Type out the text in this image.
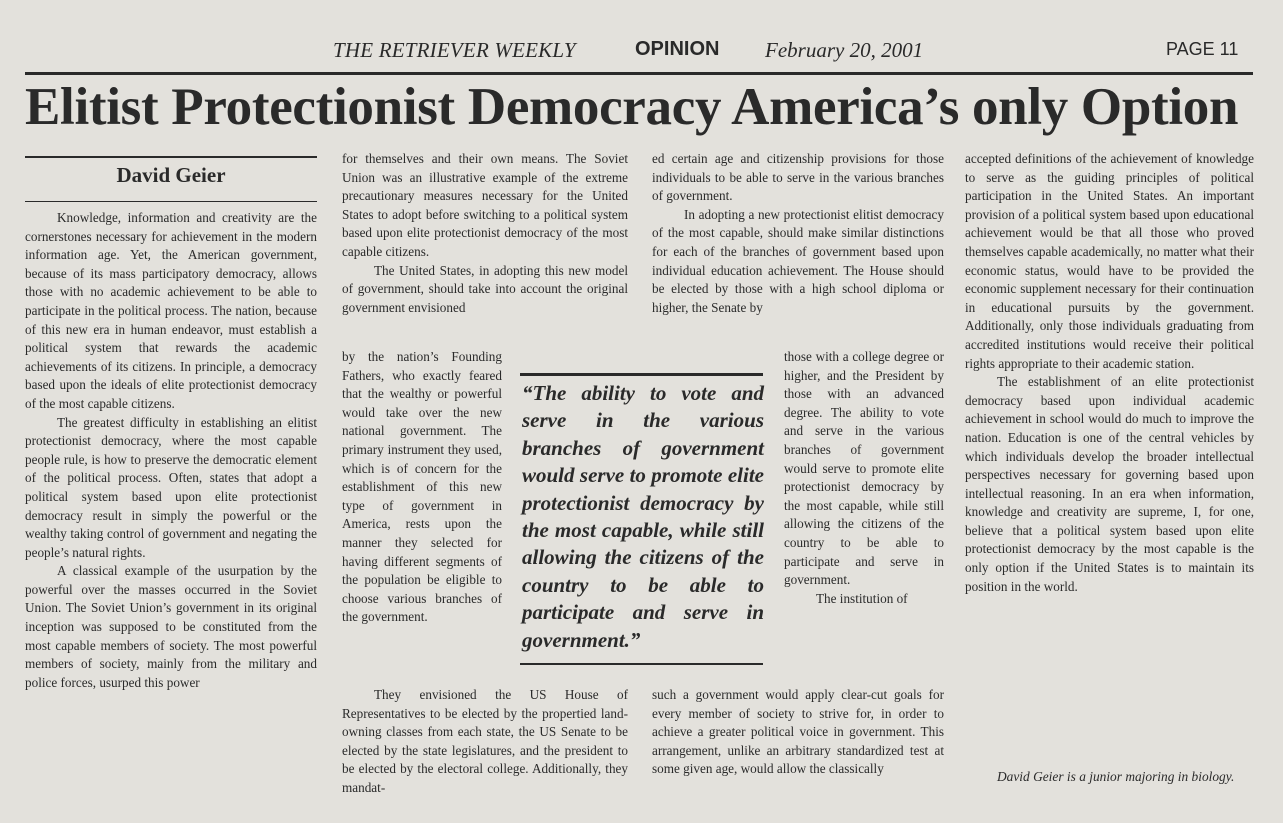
THE RETRIEVER WEEKLY	OPINION February 20, 2001	PAGE 11
Elitist Protectionist Democracy America’s only Option
David Geier

Knowledge, information and creativity are the cornerstones necessary for achievement in the modern information age. Yet, the American government, because of its mass participatory democracy, allows those with no academic achievement to be able to participate in the political process. The nation, because of this new era in human endeavor, must establish a political system that rewards the academic achievements of its citizens. In principle, a democracy based upon the ideals of elite protectionist democracy of the most capable citizens.

The greatest difficulty in establishing an elitist protectionist democracy, where the most capable people rule, is how to preserve the democratic element of the political process. Often, states that adopt a political system based upon elite protectionist democracy result in simply the powerful or the wealthy taking control of government and negating the people’s natural rights.

A classical example of the usurpation by the powerful over the masses occurred in the Soviet Union. The Soviet Union’s government in its original inception was supposed to be constituted from the most capable members of society. The most powerful members of society, mainly from the military and police forces, usurped this power

for themselves and their own means. The Soviet Union was an illustrative example of the extreme precautionary measures necessary for the United States to adopt before switching to a political system based upon elite protectionist democracy of the most capable citizens.

The United States, in adopting this new model of government, should take into account the original government envisioned

by the nation’s Founding Fathers, who exactly feared that the wealthy or powerful would take over the new national government. The primary instrument they used, which is of concern for the establishment of this new type of government in America, rests upon the manner they selected for having different segments of the population be eligible to choose various branches of the government.

They envisioned the US House of Representatives to be elected by the propertied land-owning classes from each state, the US Senate to be elected by the state legislatures, and the president to be elected by the electoral college. Additionally, they mandat-

ed certain age and citizenship provisions for those individuals to be able to serve in the various branches of government.

In adopting a new protectionist elitist democracy of the most capable, should make similar distinctions for each of the branches of government based upon individual education achievement. The House should be elected by those with a high school diploma or higher, the Senate by

those with a college degree or higher, and the President by those with an advanced degree. The ability to vote and serve in the various branches of government would serve to promote elite protectionist democracy by the most capable, while still allowing the citizens of the country to be able to participate and serve in government.

The institution of

such a government would apply clear-cut goals for every member of society to strive for, in order to achieve a greater political voice in government. This arrangement, unlike an arbitrary standardized test at some given age, would allow the classically

“The ability to vote and serve in the various branches of government would serve to promote elite protectionist democracy by the most capable, while still allowing the citizens of the country to be able to participate and serve in government.”

accepted definitions of the achievement of knowledge to serve as the guiding principles of political participation in the United States. An important provision of a political system based upon educational achievement would be that all those who proved themselves capable academically, no matter what their economic status, would have to be provided the economic supplement necessary for their continuation in educational pursuits by the government. Additionally, only those individuals graduating from accredited institutions would receive their political rights appropriate to their academic station.

The establishment of an elite protectionist democracy based upon individual academic achievement in school would do much to improve the nation. Education is one of the central vehicles by which individuals develop the broader intellectual perspectives necessary for governing based upon intellectual reasoning. In an era when information, knowledge and creativity are supreme, I, for one, believe that a political system based upon elite protectionist democracy by the most capable is the only option if the United States is to maintain its position in the world.

David Geier is a junior majoring in biology.
